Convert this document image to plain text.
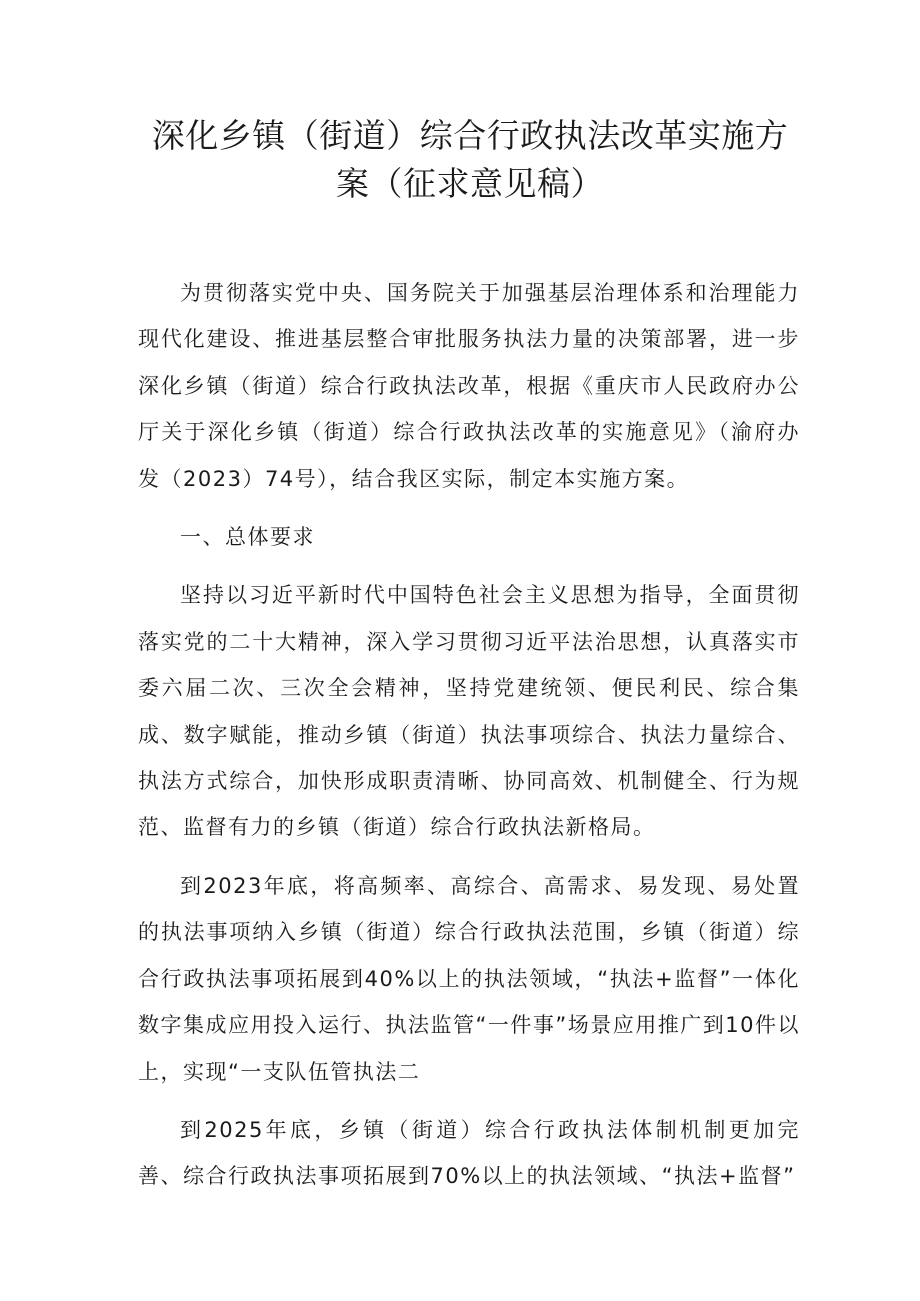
深化乡镇（街道）综合行政执法改革实施方
案（征求意见稿）

为贯彻落实党中央、国务院关于加强基层治理体系和治理能力现代化建设、推进基层整合审批服务执法力量的决策部署，进一步深化乡镇（街道）综合行政执法改革，根据《重庆市人民政府办公厅关于深化乡镇（街道）综合行政执法改革的实施意见》（渝府办发（2023）74号），结合我区实际，制定本实施方案。

一、总体要求

坚持以习近平新时代中国特色社会主义思想为指导，全面贯彻落实党的二十大精神，深入学习贯彻习近平法治思想，认真落实市委六届二次、三次全会精神，坚持党建统领、便民利民、综合集成、数字赋能，推动乡镇（街道）执法事项综合、执法力量综合、执法方式综合，加快形成职责清晰、协同高效、机制健全、行为规范、监督有力的乡镇（街道）综合行政执法新格局。

到2023年底，将高频率、高综合、高需求、易发现、易处置的执法事项纳入乡镇（街道）综合行政执法范围，乡镇（街道）综合行政执法事项拓展到40%以上的执法领域，“执法+监督”一体化数字集成应用投入运行、执法监管“一件事”场景应用推广到10件以上，实现“一支队伍管执法二

到2025年底，乡镇（街道）综合行政执法体制机制更加完善、综合行政执法事项拓展到70%以上的执法领域、“执法+监督”
